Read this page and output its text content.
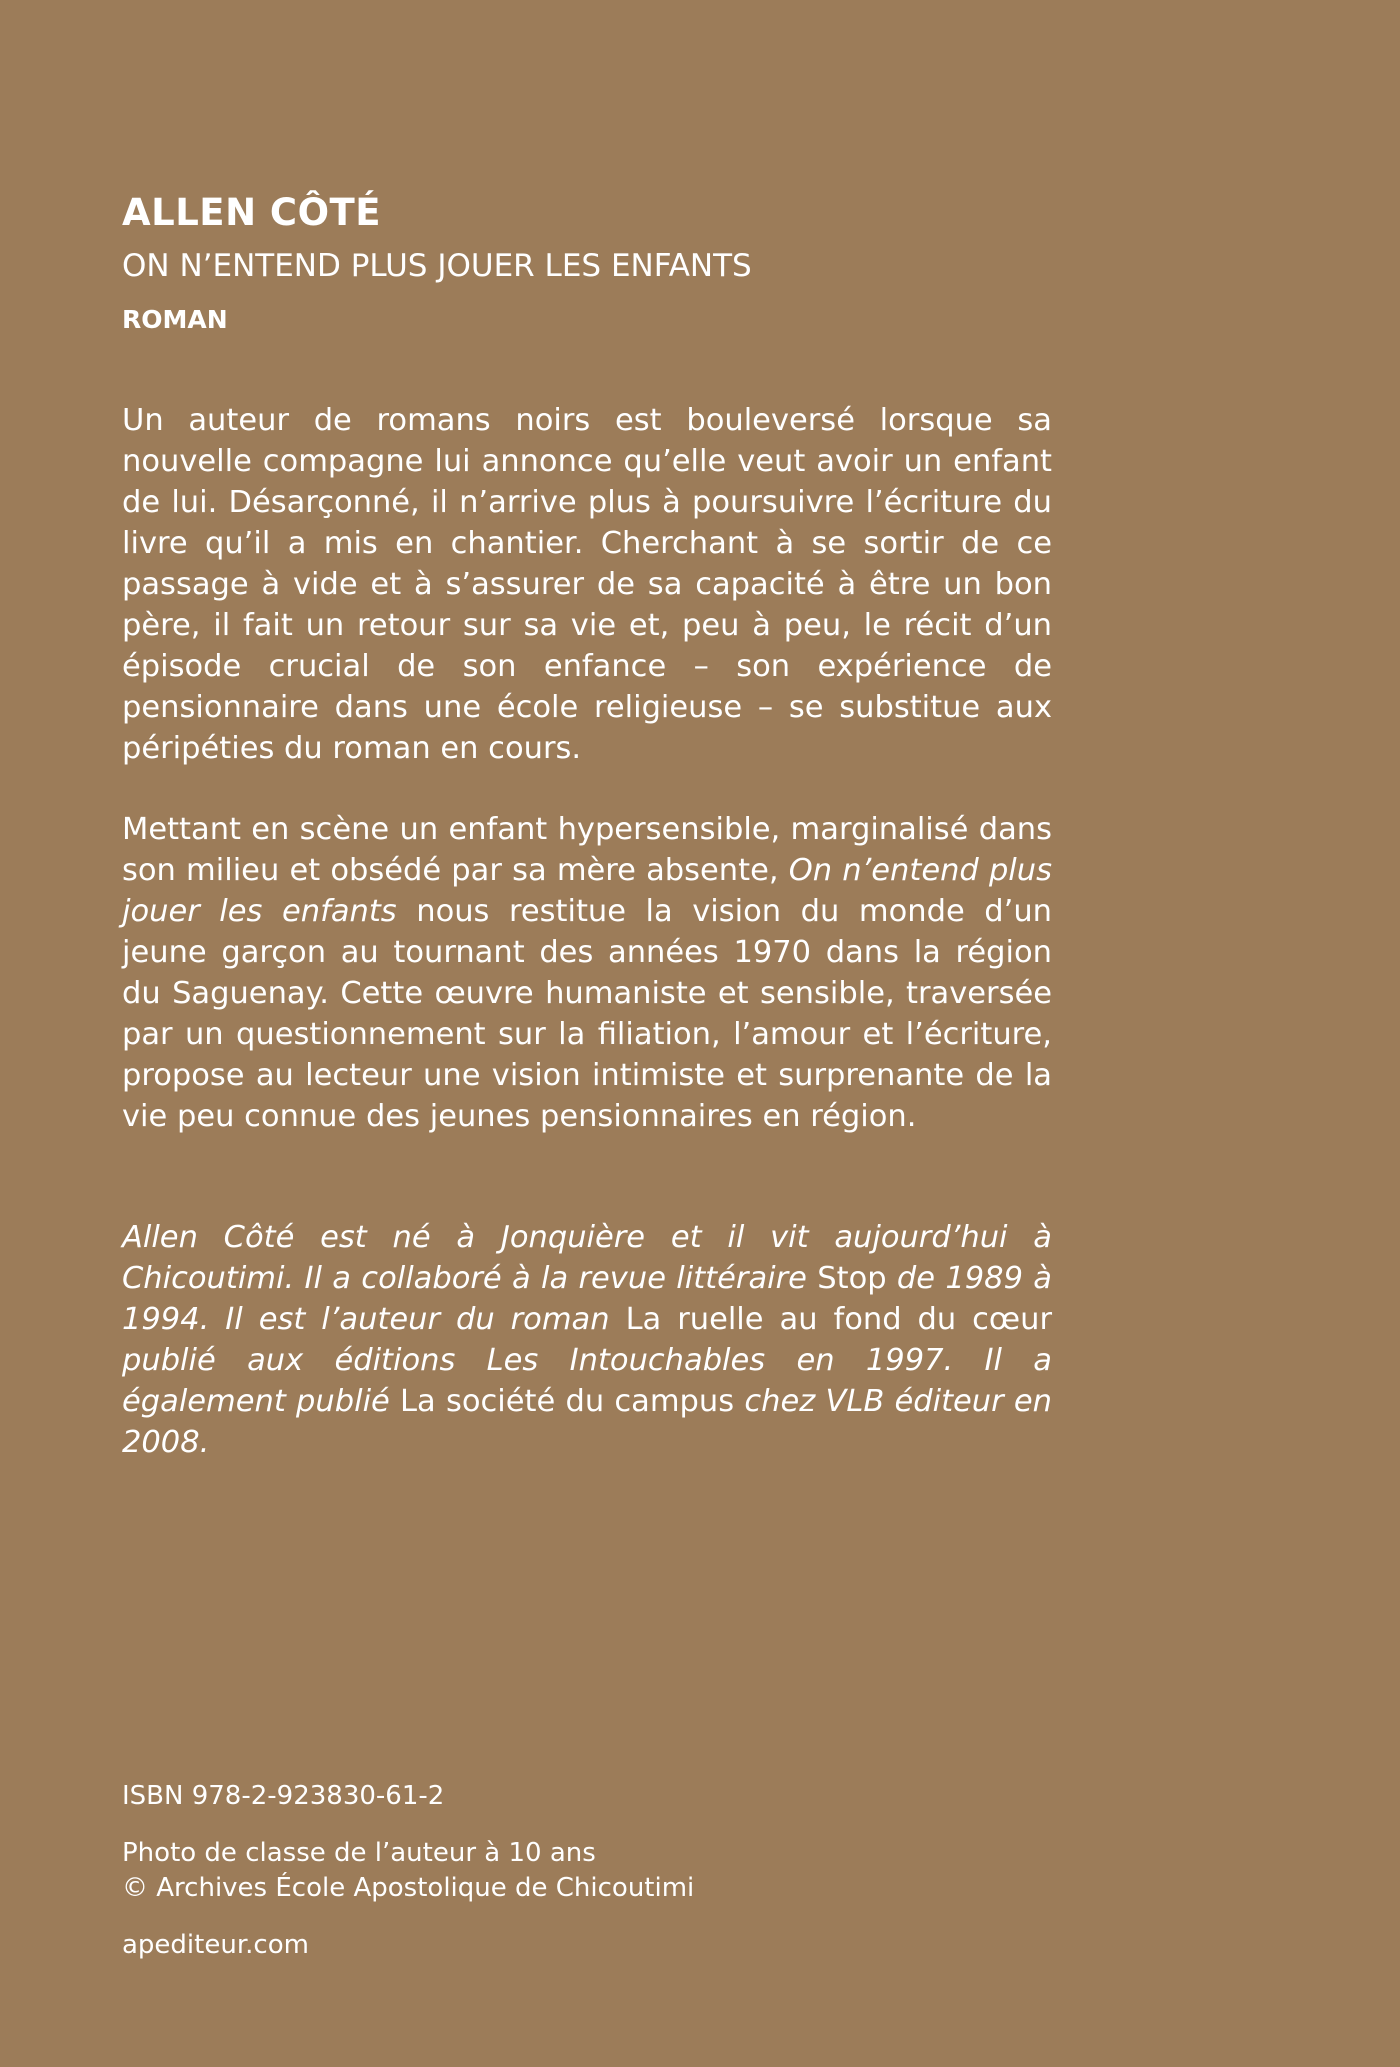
ALLEN CÔTÉ
ON N’ENTEND PLUS JOUER LES ENFANTS
ROMAN

Un auteur de romans noirs est bouleversé lorsque sa nouvelle compagne lui annonce qu’elle veut avoir un enfant de lui. Désarçonné, il n’arrive plus à poursuivre l’écriture du livre qu’il a mis en chantier. Cherchant à se sortir de ce passage à vide et à s’assurer de sa capacité à être un bon père, il fait un retour sur sa vie et, peu à peu, le récit d’un épisode crucial de son enfance – son expérience de pensionnaire dans une école religieuse – se substitue aux péripéties du roman en cours.

Mettant en scène un enfant hypersensible, marginalisé dans son milieu et obsédé par sa mère absente, On n’entend plus jouer les enfants nous restitue la vision du monde d’un jeune garçon au tournant des années 1970 dans la région du Saguenay. Cette œuvre humaniste et sensible, traversée par un questionnement sur la filiation, l’amour et l’écriture, propose au lecteur une vision intimiste et surprenante de la vie peu connue des jeunes pensionnaires en région.

Allen Côté est né à Jonquière et il vit aujourd’hui à Chicoutimi. Il a collaboré à la revue littéraire Stop de 1989 à 1994. Il est l’auteur du roman La ruelle au fond du cœur publié aux éditions Les Intouchables en 1997. Il a également publié La société du campus chez VLB éditeur en 2008.

ISBN 978-2-923830-61-2
Photo de classe de l’auteur à 10 ans
© Archives École Apostolique de Chicoutimi
apediteur.com
